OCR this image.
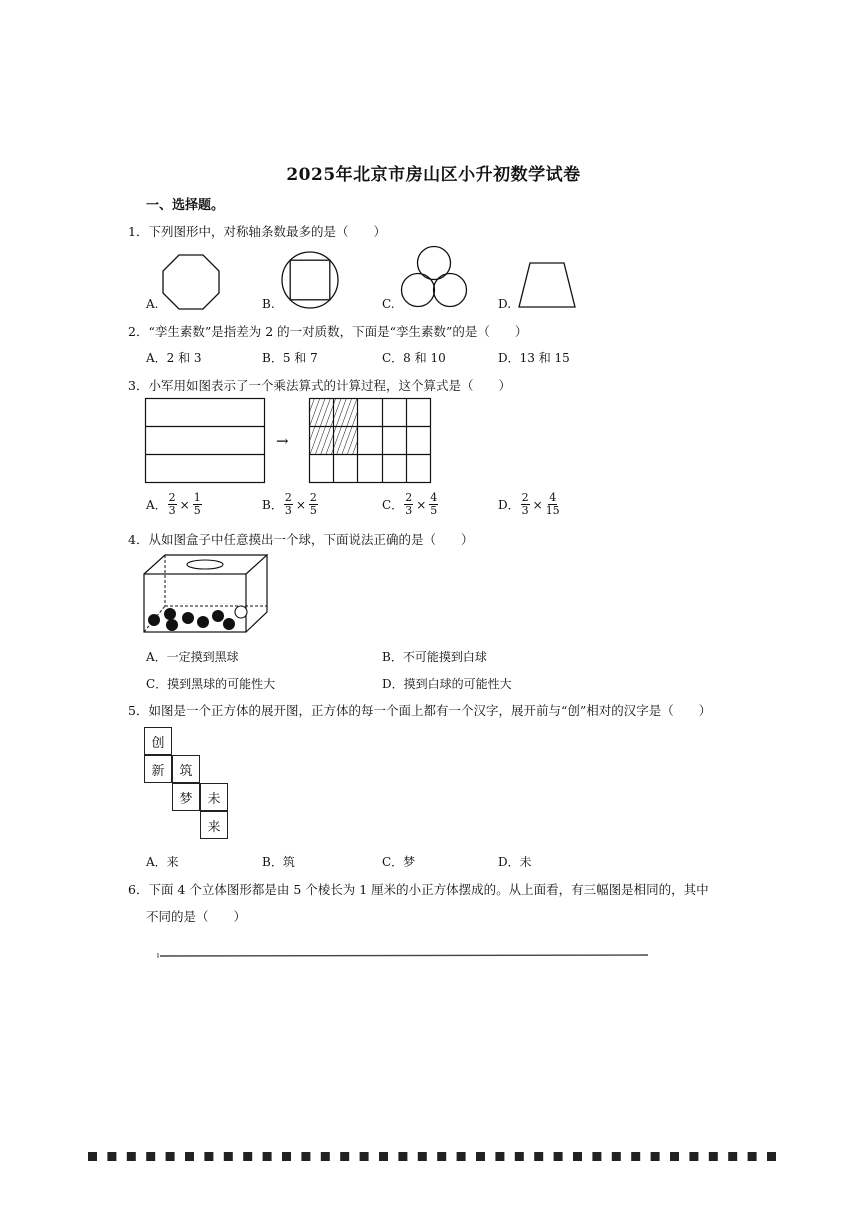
2025年北京市房山区小升初数学试卷
一、选择题。
1．下列图形中，对称轴条数最多的是（　　）
A.	B.	C.	D.
2．“孪生素数”是指差为 2 的一对质数，下面是“孪生素数”的是（　　）
A．2 和 3	B．5 和 7	C．8 和 10	D．13 和 15
3．小军用如图表示了一个乘法算式的计算过程，这个算式是（　　）
→
A． $\frac{2}{3} \times \frac{1}{5}$	B． $\frac{2}{3} \times \frac{2}{5}$	C． $\frac{2}{3} \times \frac{4}{5}$	D． $\frac{2}{3} \times \frac{4}{15}$
4．从如图盒子中任意摸出一个球，下面说法正确的是（　　）
A．一定摸到黑球	B．不可能摸到白球
C．摸到黑球的可能性大	D．摸到白球的可能性大
5．如图是一个正方体的展开图，正方体的每一个面上都有一个汉字，展开前与“创”相对的汉字是（　　）
创
新	筑
梦	未
来
A．来	B．筑	C．梦	D．未
6．下面 4 个立体图形都是由 5 个棱长为 1 厘米的小正方体摆成的。从上面看，有三幅图是相同的，其中
不同的是（　　）
